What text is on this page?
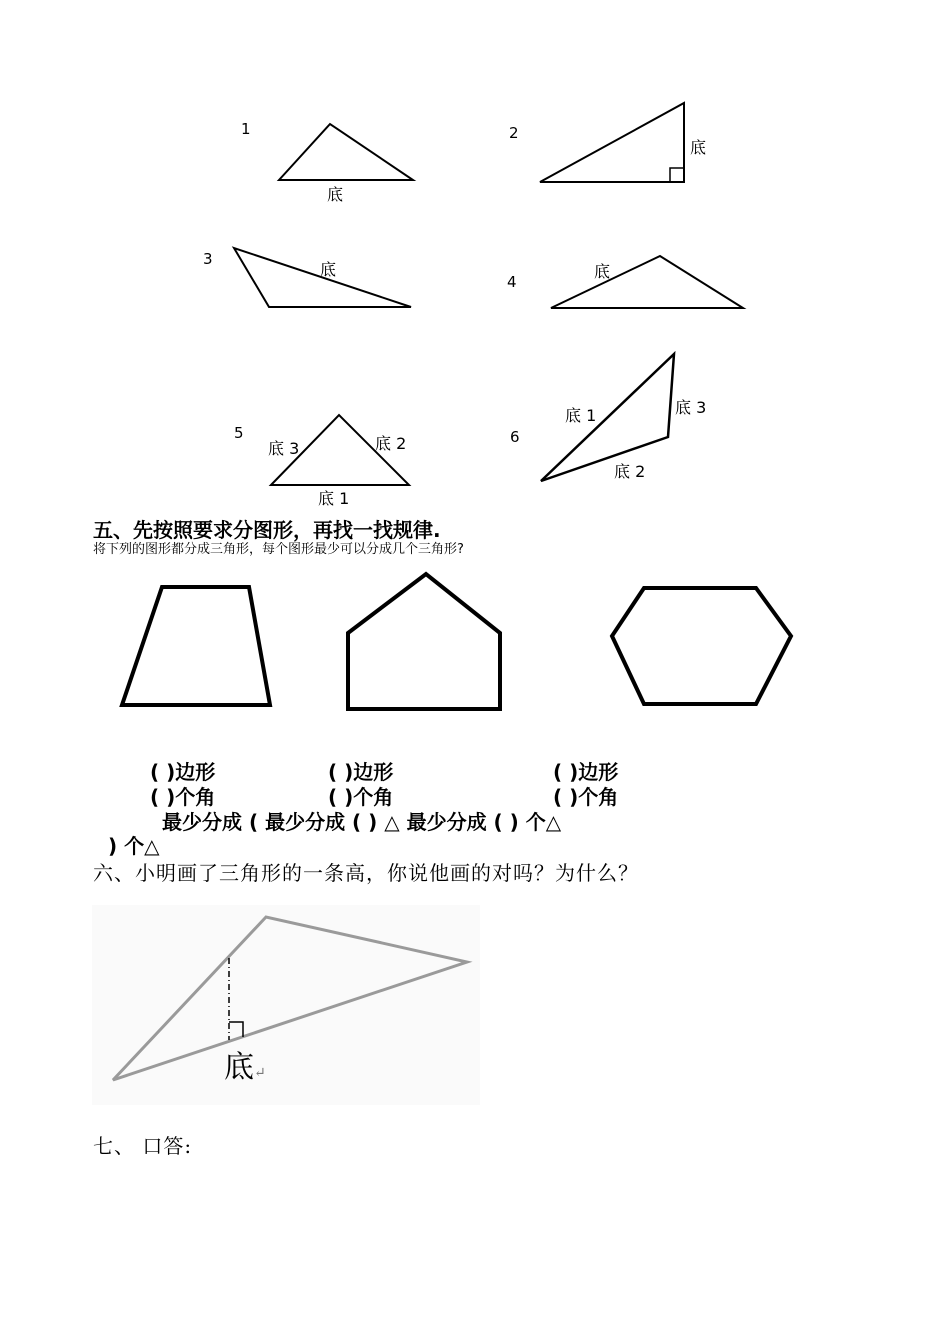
1	2
3
4
5	6
底
底
底	底
底 3	底 2
底 1
底 1	底 3
底 2
五、先按照要求分图形，再找一找规律.
将下列的图形都分成三角形，每个图形最少可以分成几个三角形?
( )边形
( )个角
( )边形
( )个角
( )边形
( )个角
最少分成 ( 最少分成 ( ) △ 最少分成 ( ) 个△
) 个△
六、小明画了三角形的一条高，你说他画的对吗？为什么？
底↵
七、 口答:
